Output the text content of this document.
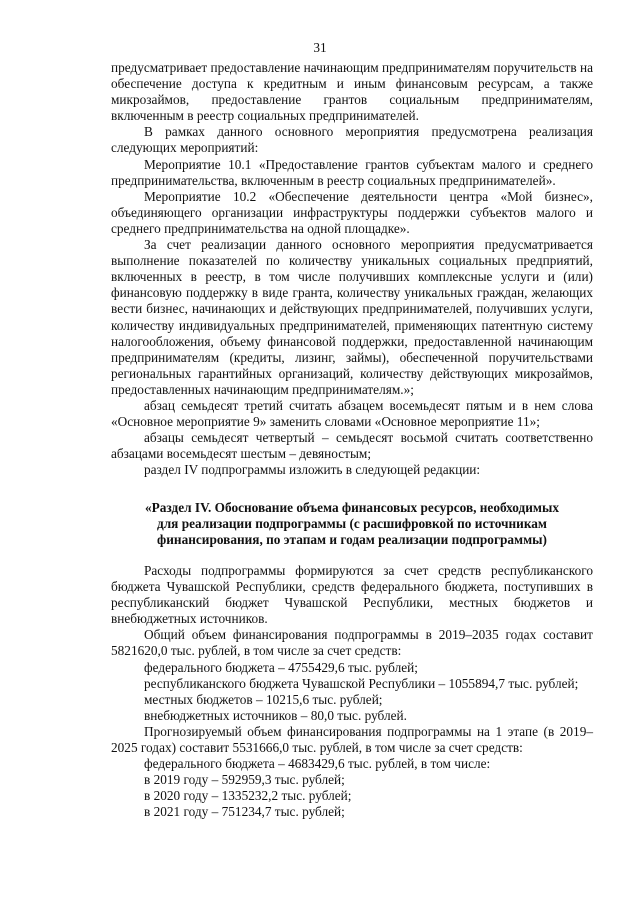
31

предусматривает предоставление начинающим предпринимателям поручительств на обеспечение доступа к кредитным и иным финансовым ресурсам, а также микрозаймов, предоставление грантов социальным предпринимателям, включенным в реестр социальных предпринимателей.

В рамках данного основного мероприятия предусмотрена реализация следующих мероприятий:

Мероприятие 10.1 «Предоставление грантов субъектам малого и среднего предпринимательства, включенным в реестр социальных предпринимателей».

Мероприятие 10.2 «Обеспечение деятельности центра «Мой бизнес», объединяющего организации инфраструктуры поддержки субъектов малого и среднего предпринимательства на одной площадке».

За счет реализации данного основного мероприятия предусматривается выполнение показателей по количеству уникальных социальных предприятий, включенных в реестр, в том числе получивших комплексные услуги и (или) финансовую поддержку в виде гранта, количеству уникальных граждан, желающих вести бизнес, начинающих и действующих предпринимателей, получивших услуги, количеству индивидуальных предпринимателей, применяющих патентную систему налогообложения, объему финансовой поддержки, предоставленной начинающим предпринимателям (кредиты, лизинг, займы), обеспеченной поручительствами региональных гарантийных организаций, количеству действующих микрозаймов, предоставленных начинающим предпринимателям.»;

абзац семьдесят третий считать абзацем восемьдесят пятым и в нем слова «Основное мероприятие 9» заменить словами «Основное мероприятие 11»;

абзацы семьдесят четвертый – семьдесят восьмой считать соответственно абзацами восемьдесят шестым – девяностым;

раздел IV подпрограммы изложить в следующей редакции:

«Раздел IV. Обоснование объема финансовых ресурсов, необходимых
для реализации подпрограммы (с расшифровкой по источникам
финансирования, по этапам и годам реализации подпрограммы)

Расходы подпрограммы формируются за счет средств республиканского бюджета Чувашской Республики, средств федерального бюджета, поступивших в республиканский бюджет Чувашской Республики, местных бюджетов и внебюджетных источников.

Общий объем финансирования подпрограммы в 2019–2035 годах составит 5821620,0 тыс. рублей, в том числе за счет средств:

федерального бюджета – 4755429,6 тыс. рублей;

республиканского бюджета Чувашской Республики – 1055894,7 тыс. рублей;

местных бюджетов – 10215,6 тыс. рублей;

внебюджетных источников – 80,0 тыс. рублей.

Прогнозируемый объем финансирования подпрограммы на 1 этапе (в 2019–2025 годах) составит 5531666,0 тыс. рублей, в том числе за счет средств:

федерального бюджета – 4683429,6 тыс. рублей, в том числе:

в 2019 году – 592959,3 тыс. рублей;

в 2020 году – 1335232,2 тыс. рублей;

в 2021 году – 751234,7 тыс. рублей;
